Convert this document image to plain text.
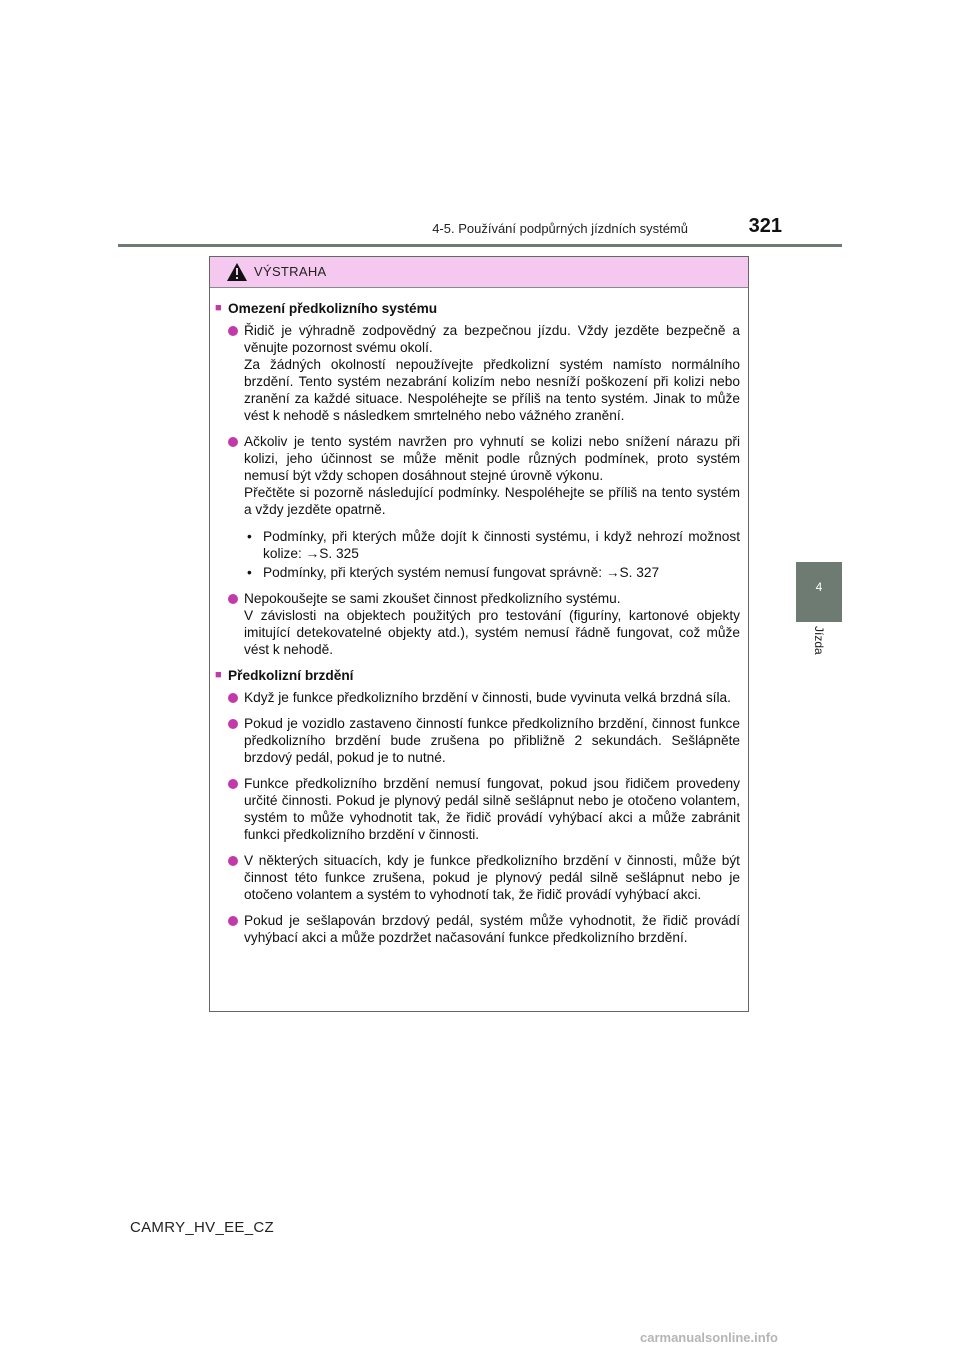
4-5. Používání podpůrných jízdních systémů	321
4
Jízda
VÝSTRAHA
■ Omezení předkolizního systému

Řidič je výhradně zodpovědný za bezpečnou jízdu. Vždy jezděte bezpečně a věnujte pozornost svému okolí.

Za žádných okolností nepoužívejte předkolizní systém namísto normálního brzdění. Tento systém nezabrání kolizím nebo nesníží poškození při kolizi nebo zranění za každé situace. Nespoléhejte se příliš na tento systém. Jinak to může vést k nehodě s následkem smrtelného nebo vážného zranění.

Ačkoliv je tento systém navržen pro vyhnutí se kolizi nebo snížení nárazu při kolizi, jeho účinnost se může měnit podle různých podmínek, proto systém nemusí být vždy schopen dosáhnout stejné úrovně výkonu.

Přečtěte si pozorně následující podmínky. Nespoléhejte se příliš na tento systém a vždy jezděte opatrně.

• Podmínky, při kterých může dojít k činnosti systému, i když nehrozí možnost kolize: →S. 325
• Podmínky, při kterých systém nemusí fungovat správně: →S. 327

Nepokoušejte se sami zkoušet činnost předkolizního systému.

V závislosti na objektech použitých pro testování (figuríny, kartonové objekty imitující detekovatelné objekty atd.), systém nemusí řádně fungovat, což může vést k nehodě.

■ Předkolizní brzdění

Když je funkce předkolizního brzdění v činnosti, bude vyvinuta velká brzdná síla.

Pokud je vozidlo zastaveno činností funkce předkolizního brzdění, činnost funkce předkolizního brzdění bude zrušena po přibližně 2 sekundách. Sešlápněte brzdový pedál, pokud je to nutné.

Funkce předkolizního brzdění nemusí fungovat, pokud jsou řidičem provedeny určité činnosti. Pokud je plynový pedál silně sešlápnut nebo je otočeno volantem, systém to může vyhodnotit tak, že řidič provádí vyhýbací akci a může zabránit funkci předkolizního brzdění v činnosti.

V některých situacích, kdy je funkce předkolizního brzdění v činnosti, může být činnost této funkce zrušena, pokud je plynový pedál silně sešlápnut nebo je otočeno volantem a systém to vyhodnotí tak, že řidič provádí vyhýbací akci.

Pokud je sešlapován brzdový pedál, systém může vyhodnotit, že řidič provádí vyhýbací akci a může pozdržet načasování funkce předkolizního brzdění.

CAMRY_HV_EE_CZ
carmanualsonline.info
